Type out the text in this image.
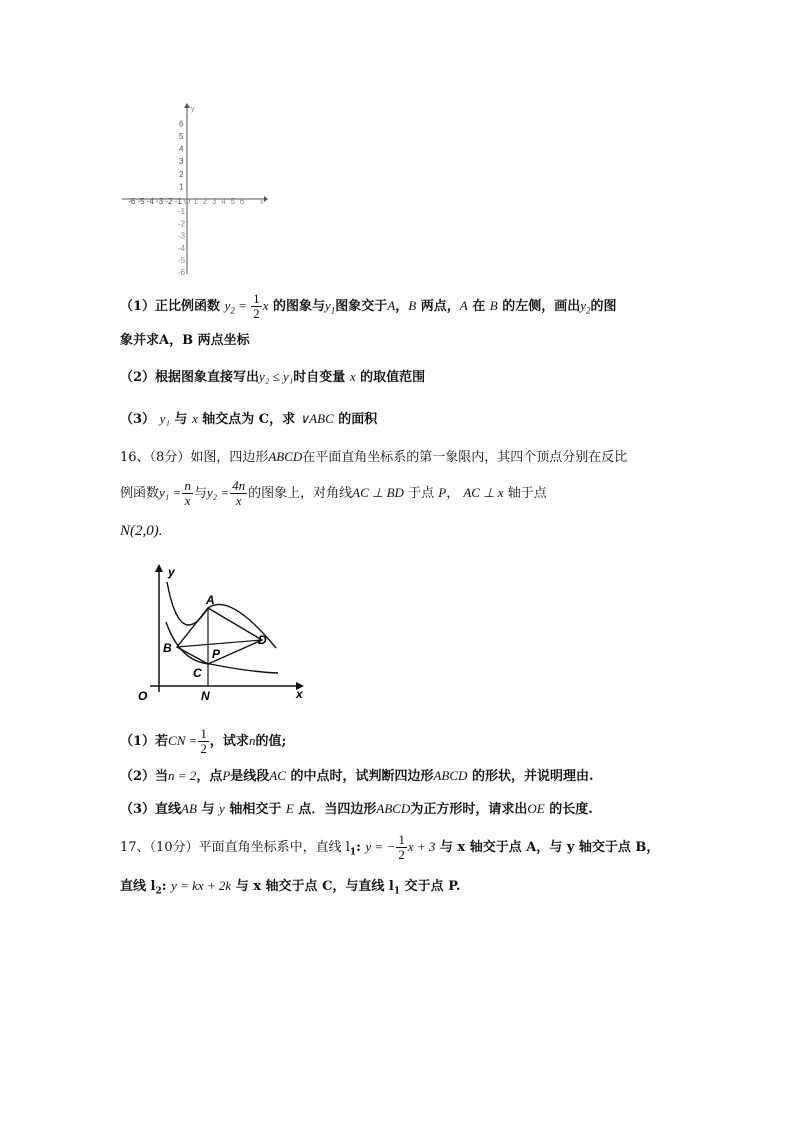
y
x
-6 -5 -4 -3 -2 -1 O 1 2 3 4 5 6
6
5
4
3
2
1
-1
-2
-3
-4
-5
-6
（1）正比例函数 $y_2 = \frac{1}{2}$ x 的图象与$y_1$图象交于A，B 两点，A 在 B 的左侧，画出$y_2$的图
象并求A，B 两点坐标
（2）根据图象直接写出y₂ ≤ y₁时自变量 x 的取值范围
（3） y₁ 与 x 轴交点为 C，求 ∨ABC 的面积
16、（8分）如图，四边形ABCD在平面直角坐标系的第一象限内，其四个顶点分别在反比
例函数$y_1 = \frac{n}{x}$ 与$y_2 = \frac{4n}{x}$ 的图象上，对角线AC ⊥ BD 于点 P， AC ⊥ x 轴于点
N(2,0).
y
A
D
B	P
C
O	N	x
（1）若CN = $\frac{1}{2}$ ，试求n的值;
（2）当n = 2，点P是线段AC 的中点时，试判断四边形ABCD 的形状，并说明理由.
（3）直线AB 与 y 轴相交于 E 点．当四边形ABCD为正方形时，请求出OE 的长度.
17、（10分）平面直角坐标系中，直线 $l_1$: y = − $\frac{1}{2}$ x + 3 与 x 轴交于点 A，与 y 轴交于点 B，
直线 $l_2$: y = kx + 2k 与 x 轴交于点 C，与直线 $l_1$ 交于点 P.
